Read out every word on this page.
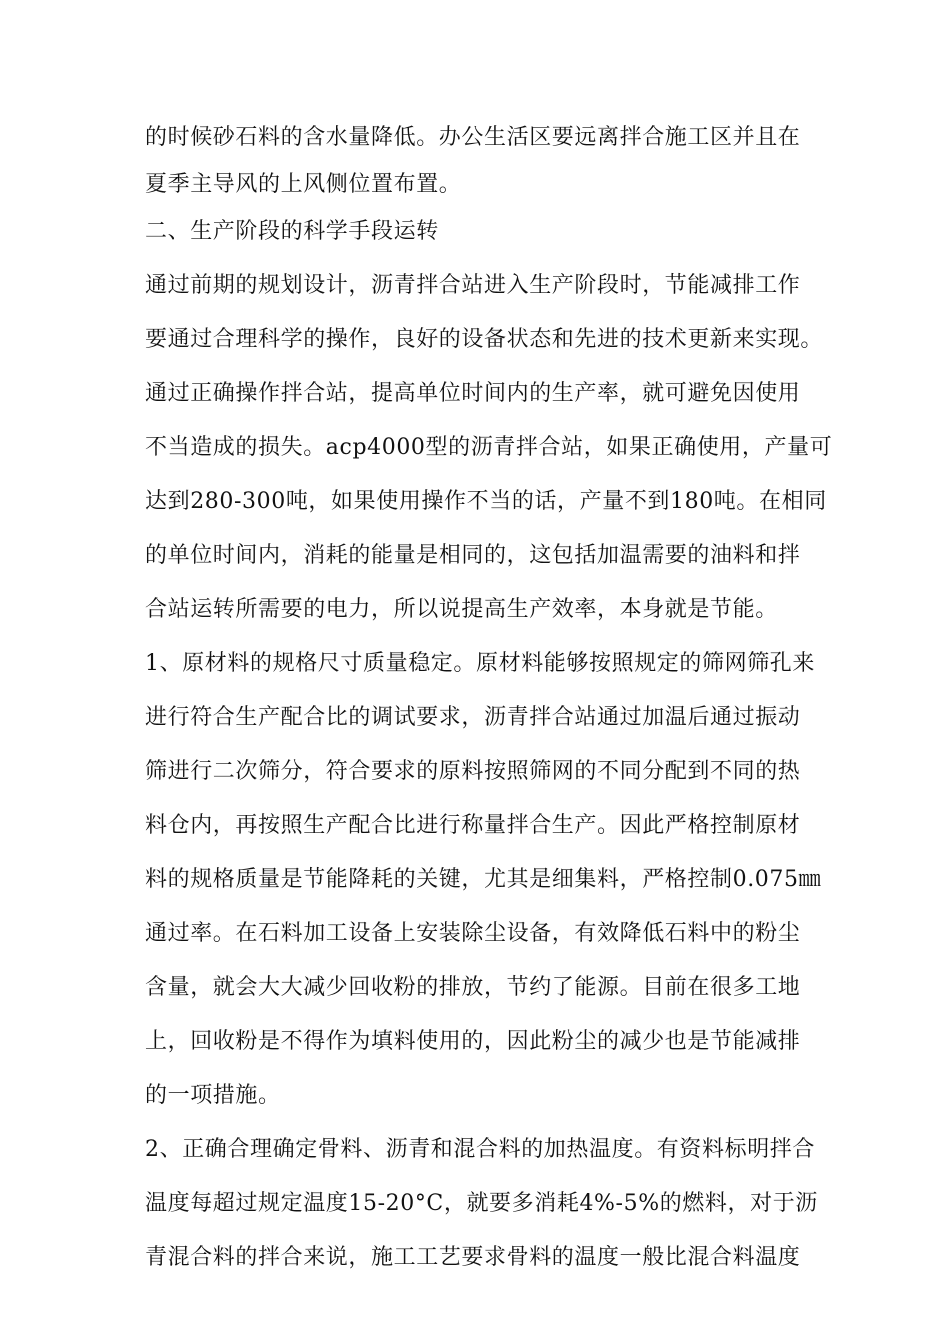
的时候砂石料的含水量降低。办公生活区要远离拌合施工区并且在
夏季主导风的上风侧位置布置。
二、生产阶段的科学手段运转
通过前期的规划设计，沥青拌合站进入生产阶段时，节能减排工作
要通过合理科学的操作，良好的设备状态和先进的技术更新来实现。
通过正确操作拌合站，提高单位时间内的生产率，就可避免因使用
不当造成的损失。acp4000型的沥青拌合站，如果正确使用，产量可
达到280-300吨，如果使用操作不当的话，产量不到180吨。在相同
的单位时间内，消耗的能量是相同的，这包括加温需要的油料和拌
合站运转所需要的电力，所以说提高生产效率，本身就是节能。
1、原材料的规格尺寸质量稳定。原材料能够按照规定的筛网筛孔来
进行符合生产配合比的调试要求，沥青拌合站通过加温后通过振动
筛进行二次筛分，符合要求的原料按照筛网的不同分配到不同的热
料仓内，再按照生产配合比进行称量拌合生产。因此严格控制原材
料的规格质量是节能降耗的关键，尤其是细集料，严格控制0.075㎜
通过率。在石料加工设备上安装除尘设备，有效降低石料中的粉尘
含量，就会大大减少回收粉的排放，节约了能源。目前在很多工地
上，回收粉是不得作为填料使用的，因此粉尘的减少也是节能减排
的一项措施。
2、正确合理确定骨料、沥青和混合料的加热温度。有资料标明拌合
温度每超过规定温度15-20°C，就要多消耗4%-5%的燃料，对于沥
青混合料的拌合来说，施工工艺要求骨料的温度一般比混合料温度
